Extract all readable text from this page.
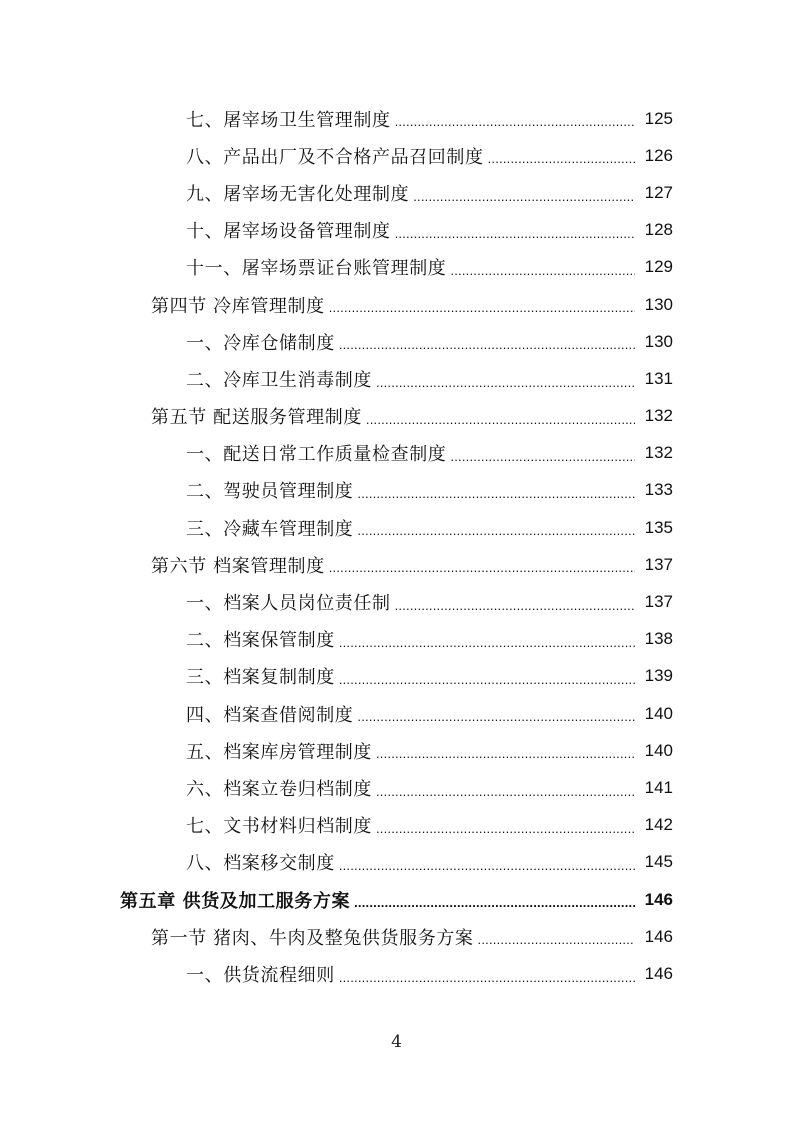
七、屠宰场卫生管理制度 .....	125
八、产品出厂及不合格产品召回制度 .....	126
九、屠宰场无害化处理制度 .....	127
十、屠宰场设备管理制度 .....	128
十一、屠宰场票证台账管理制度 .....	129
第四节 冷库管理制度 .....	130
一、冷库仓储制度 .....	130
二、冷库卫生消毒制度 .....	131
第五节 配送服务管理制度 .....	132
一、配送日常工作质量检查制度 .....	132
二、驾驶员管理制度 .....	133
三、冷藏车管理制度 .....	135
第六节 档案管理制度 .....	137
一、档案人员岗位责任制 .....	137
二、档案保管制度 .....	138
三、档案复制制度 .....	139
四、档案查借阅制度 .....	140
五、档案库房管理制度 .....	140
六、档案立卷归档制度 .....	141
七、文书材料归档制度 .....	142
八、档案移交制度 .....	145
第五章 供货及加工服务方案 .....	146
第一节 猪肉、牛肉及整兔供货服务方案 .....	146
一、供货流程细则 .....	146
4
